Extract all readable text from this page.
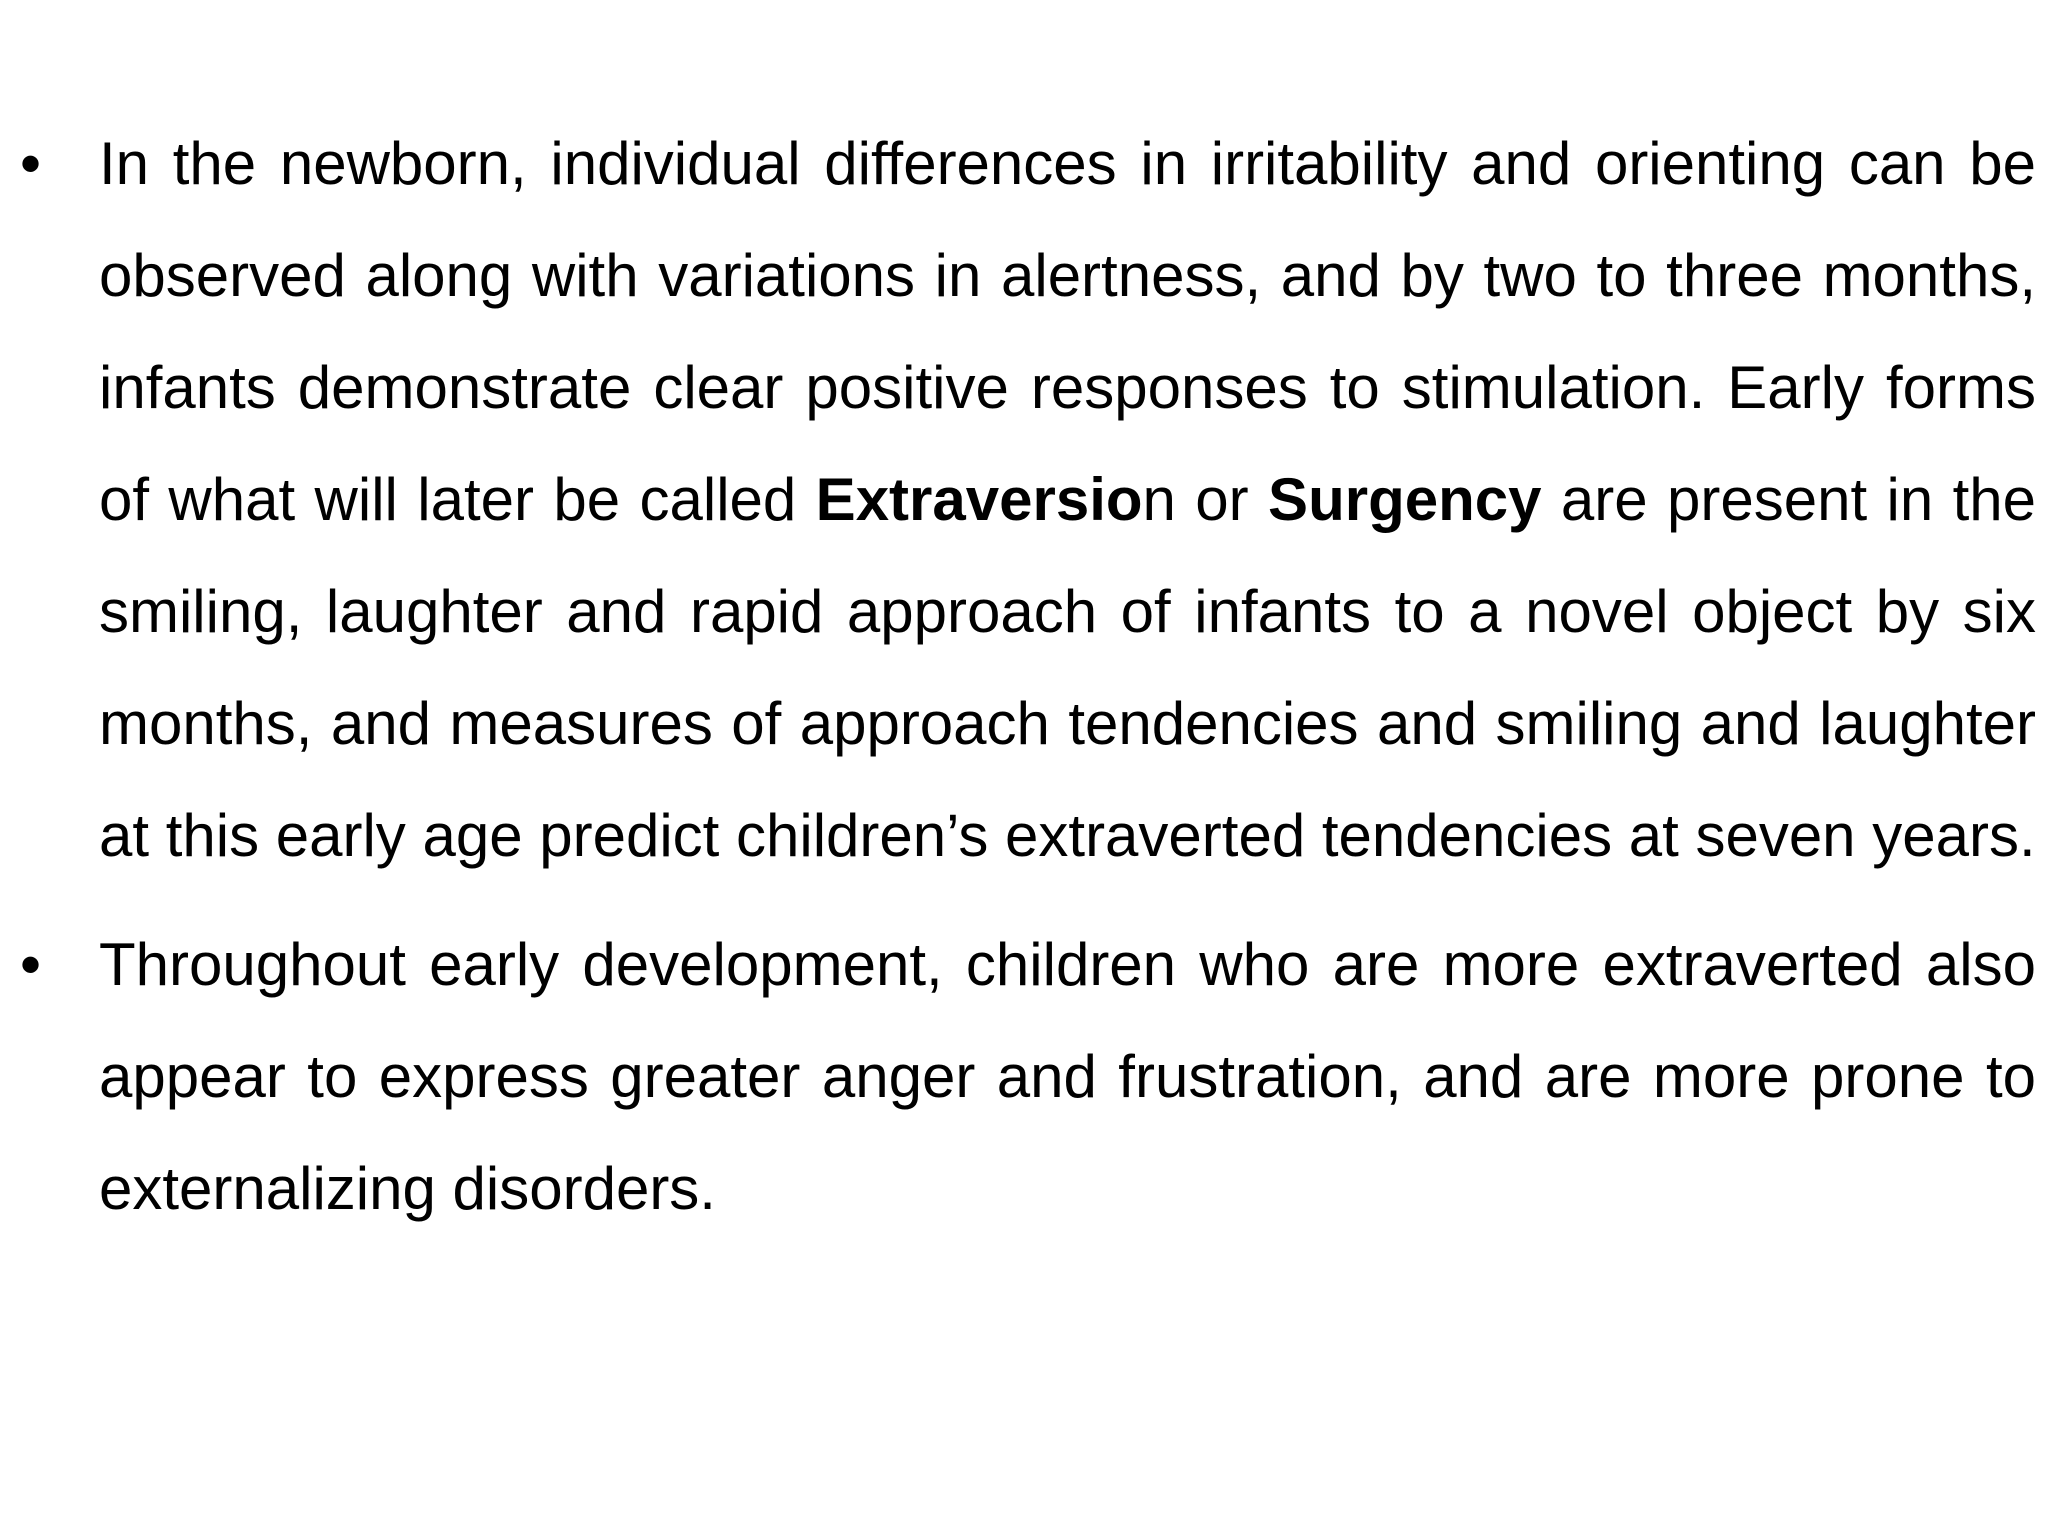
• In the newborn, individual differences in irritability and orienting can be observed along with variations in alertness, and by two to three months, infants demonstrate clear positive responses to stimulation. Early forms of what will later be called Extraversion or Surgency are present in the smiling, laughter and rapid approach of infants to a novel object by six months, and measures of approach tendencies and smiling and laughter at this early age predict children’s extraverted tendencies at seven years.
• Throughout early development, children who are more extraverted also appear to express greater anger and frustration, and are more prone to externalizing disorders.
